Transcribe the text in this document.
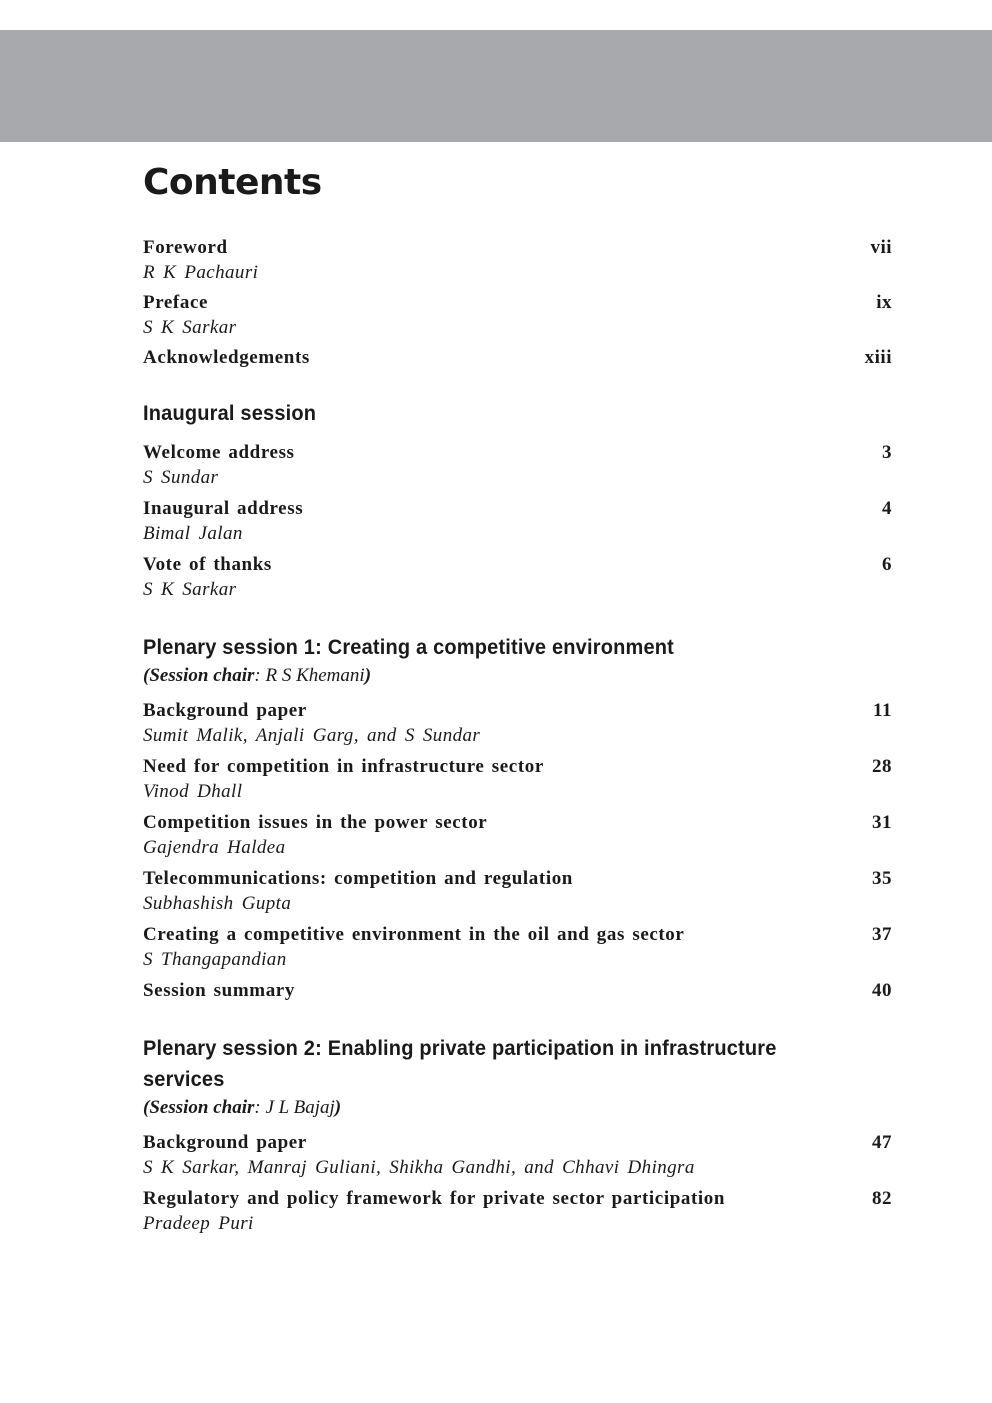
Contents
Foreword	vii
R K Pachauri
Preface	ix
S K Sarkar
Acknowledgements	xiii
Inaugural session
Welcome address	3
S Sundar
Inaugural address	4
Bimal Jalan
Vote of thanks	6
S K Sarkar
Plenary session 1: Creating a competitive environment
(Session chair: R S Khemani)
Background paper	11
Sumit Malik, Anjali Garg, and S Sundar
Need for competition in infrastructure sector	28
Vinod Dhall
Competition issues in the power sector	31
Gajendra Haldea
Telecommunications: competition and regulation	35
Subhashish Gupta
Creating a competitive environment in the oil and gas sector	37
S Thangapandian
Session summary	40
Plenary session 2: Enabling private participation in infrastructure services
(Session chair: J L Bajaj)
Background paper	47
S K Sarkar, Manraj Guliani, Shikha Gandhi, and Chhavi Dhingra
Regulatory and policy framework for private sector participation	82
Pradeep Puri
